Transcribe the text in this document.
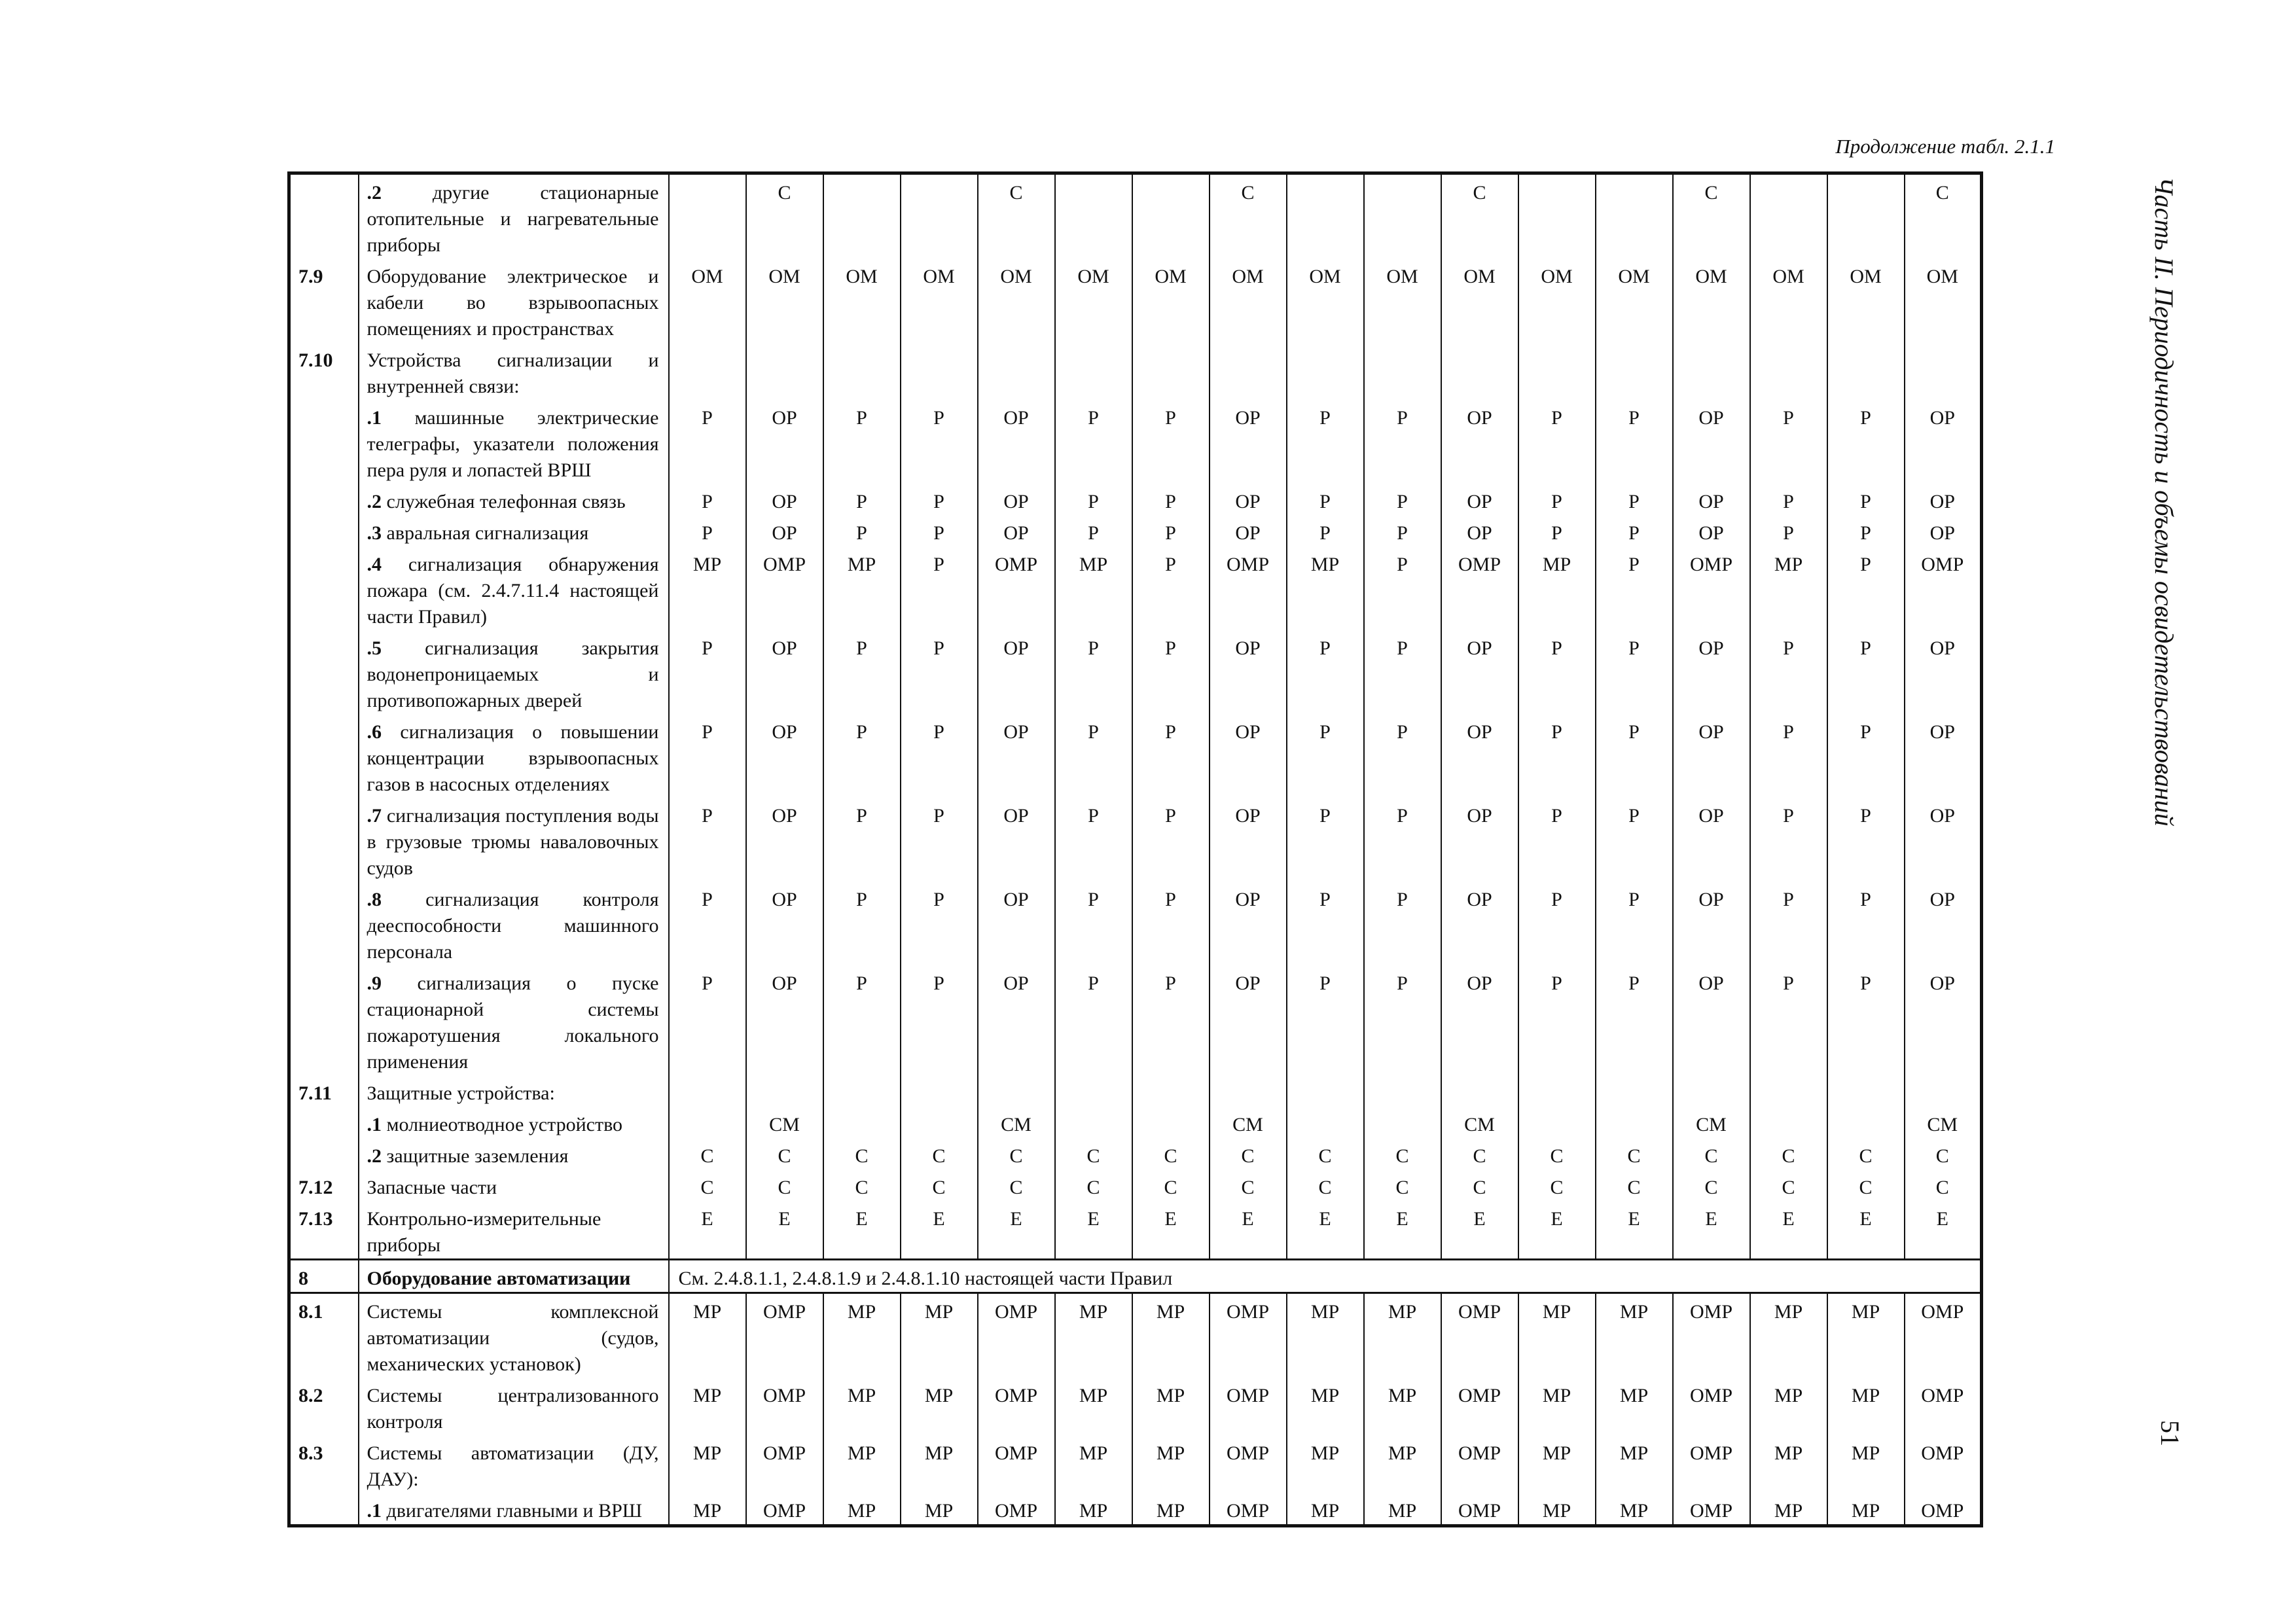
Продолжение табл. 2.1.1
Часть II. Периодичность и объемы освидетельствований
51
	.2 другие стационарные отопительные и нагревательные приборы		C			C			C			C			C			C
7.9	Оборудование электрическое и кабели во взрывоопасных помещениях и пространствах	ОМ	ОМ	ОМ	ОМ	ОМ	ОМ	ОМ	ОМ	ОМ	ОМ	ОМ	ОМ	ОМ	ОМ	ОМ	ОМ	ОМ
7.10	Устройства сигнализации и внутренней связи:																	
	.1 машинные электрические телеграфы, указатели положения пера руля и лопастей ВРШ	Р	ОР	Р	Р	ОР	Р	Р	ОР	Р	Р	ОР	Р	Р	ОР	Р	Р	ОР
	.2 служебная телефонная связь	Р	ОР	Р	Р	ОР	Р	Р	ОР	Р	Р	ОР	Р	Р	ОР	Р	Р	ОР
	.3 авральная сигнализация	Р	ОР	Р	Р	ОР	Р	Р	ОР	Р	Р	ОР	Р	Р	ОР	Р	Р	ОР
	.4 сигнализация обнаружения пожара (см. 2.4.7.11.4 настоящей части Правил)	МР	ОМР	МР	Р	ОМР	МР	Р	ОМР	МР	Р	ОМР	МР	Р	ОМР	МР	Р	ОМР
	.5 сигнализация закрытия водонепроницаемых и противопожарных дверей	Р	ОР	Р	Р	ОР	Р	Р	ОР	Р	Р	ОР	Р	Р	ОР	Р	Р	ОР
	.6 сигнализация о повышении концентрации взрывоопасных газов в насосных отделениях	Р	ОР	Р	Р	ОР	Р	Р	ОР	Р	Р	ОР	Р	Р	ОР	Р	Р	ОР
	.7 сигнализация поступления воды в грузовые трюмы наваловочных судов	Р	ОР	Р	Р	ОР	Р	Р	ОР	Р	Р	ОР	Р	Р	ОР	Р	Р	ОР
	.8 сигнализация контроля дееспособности машинного персонала	Р	ОР	Р	Р	ОР	Р	Р	ОР	Р	Р	ОР	Р	Р	ОР	Р	Р	ОР
	.9 сигнализация о пуске стационарной системы пожаротушения локального применения	Р	ОР	Р	Р	ОР	Р	Р	ОР	Р	Р	ОР	Р	Р	ОР	Р	Р	ОР
7.11	Защитные устройства:																	
	.1 молниеотводное устройство		СМ			СМ			СМ			СМ			СМ			СМ
	.2 защитные заземления	C	C	C	C	C	C	C	C	C	C	C	C	C	C	C	C	C
7.12	Запасные части	C	C	C	C	C	C	C	C	C	C	C	C	C	C	C	C	C
7.13	Контрольно-измерительные приборы	E	E	E	E	E	E	E	E	E	E	E	E	E	E	E	E	E
8	Оборудование автоматизации	См. 2.4.8.1.1, 2.4.8.1.9 и 2.4.8.1.10 настоящей части Правил																
8.1	Системы комплексной автоматизации (судов, механических установок)	МР	ОМР	МР	МР	ОМР	МР	МР	ОМР	МР	МР	ОМР	МР	МР	ОМР	МР	МР	ОМР
8.2	Системы централизованного контроля	МР	ОМР	МР	МР	ОМР	МР	МР	ОМР	МР	МР	ОМР	МР	МР	ОМР	МР	МР	ОМР
8.3	Системы автоматизации (ДУ, ДАУ):	МР	ОМР	МР	МР	ОМР	МР	МР	ОМР	МР	МР	ОМР	МР	МР	ОМР	МР	МР	ОМР
	.1 двигателями главными и ВРШ	МР	ОМР	МР	МР	ОМР	МР	МР	ОМР	МР	МР	ОМР	МР	МР	ОМР	МР	МР	ОМР
